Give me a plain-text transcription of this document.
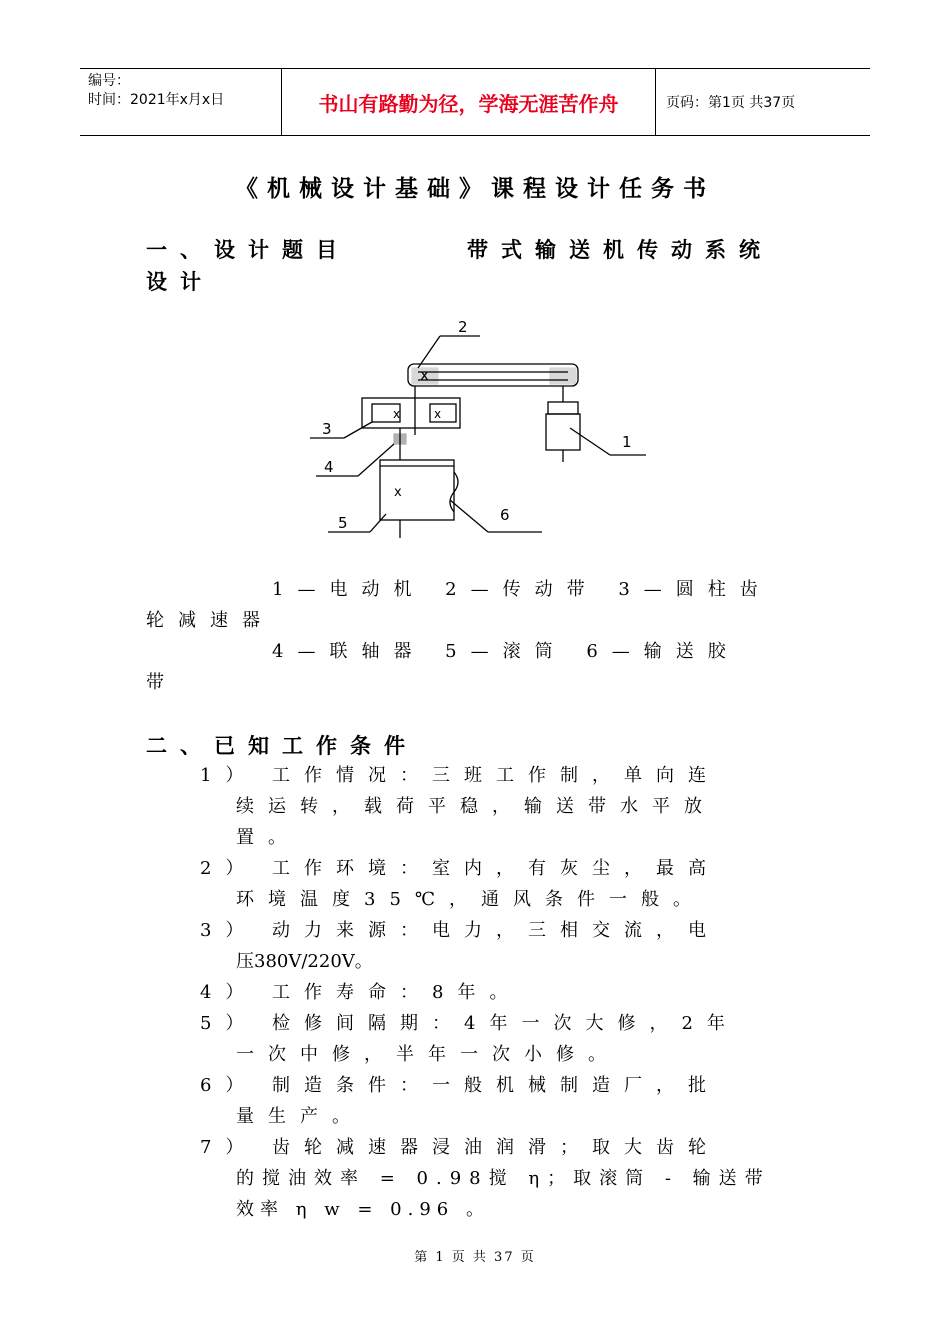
编号：
时间：2021年x月x日	书山有路勤为径，学海无涯苦作舟	页码：第1页 共37页
《机械设计基础》课程设计任务书
一、设计题目	带式输送机传动系统
设计
x
2
1
x	x
3
4
x
5	6
1—电动机 2—传动带 3—圆柱齿
轮减速器
4—联轴器 5—滚筒 6—输送胶
带
二、已知工作条件
1） 工作情况：三班工作制，单向连
续运转，载荷平稳，输送带水平放
置。
2） 工作环境：室内，有灰尘，最高
环境温度35℃，通风条件一般。
3） 动力来源：电力，三相交流，电
压380V/220V。
4） 工作寿命：8年。
5） 检修间隔期：4年一次大修，2年
一次中修，半年一次小修。
6） 制造条件：一般机械制造厂，批
量生产。
7） 齿轮减速器浸油润滑；取大齿轮
的搅油效率 = 0.98搅 η；取滚筒 - 输送带
效率 η w = 0.96 。
第 1 页 共 37 页
